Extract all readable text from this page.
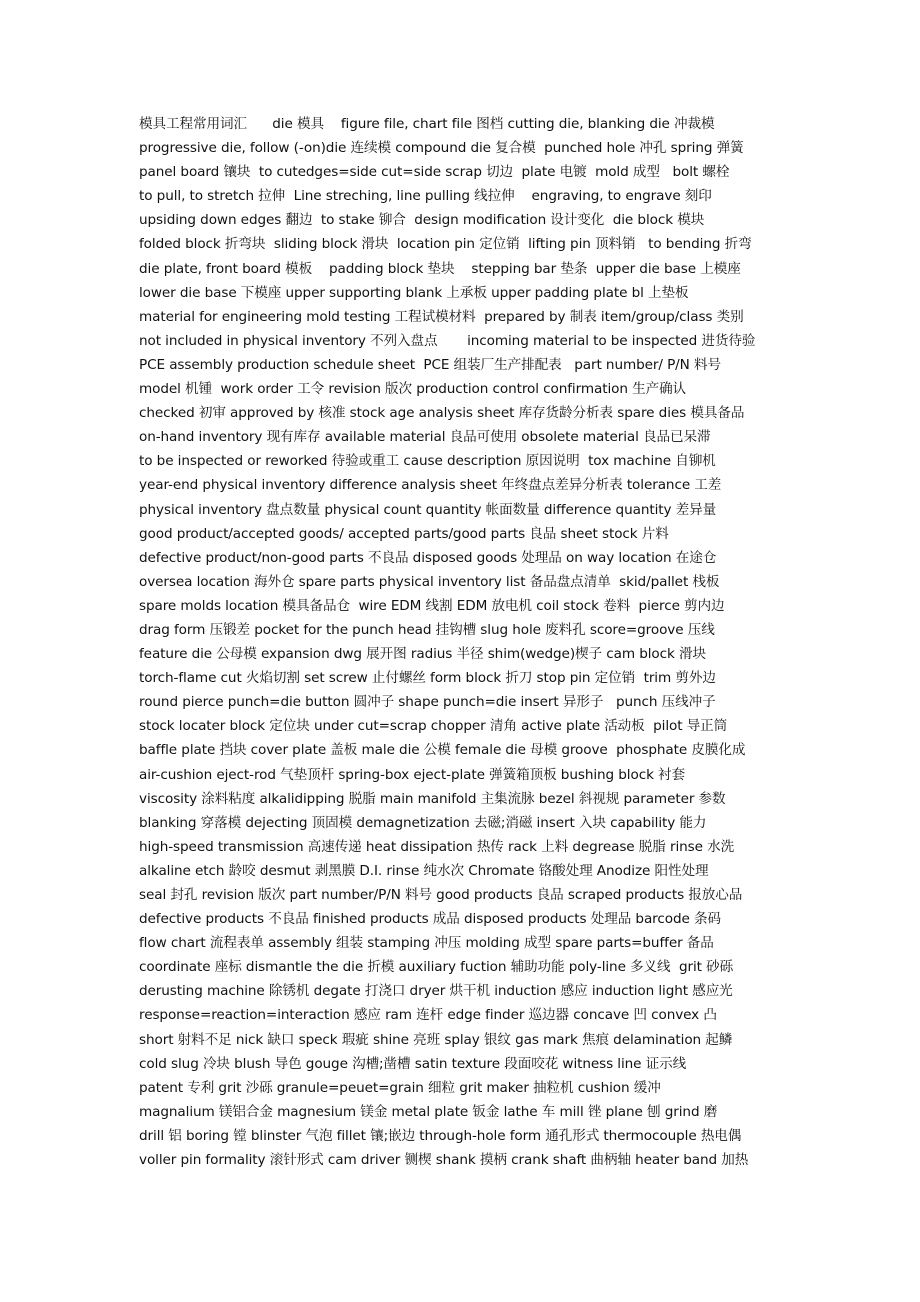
模具工程常用词汇      die 模具    figure file, chart file 图档 cutting die, blanking die 冲裁模
progressive die, follow (-on)die 连续模 compound die 复合模  punched hole 冲孔 spring 弹簧
panel board 镶块  to cutedges=side cut=side scrap 切边  plate 电镀  mold 成型   bolt 螺栓
to pull, to stretch 拉伸  Line streching, line pulling 线拉伸    engraving, to engrave 刻印
upsiding down edges 翻边  to stake 铆合  design modification 设计变化  die block 模块
folded block 折弯块  sliding block 滑块  location pin 定位销  lifting pin 顶料销   to bending 折弯
die plate, front board 模板    padding block 垫块    stepping bar 垫条  upper die base 上模座
lower die base 下模座 upper supporting blank 上承板 upper padding plate bl 上垫板
material for engineering mold testing 工程试模材料  prepared by 制表 item/group/class 类别
not included in physical inventory 不列入盘点       incoming material to be inspected 进货待验
PCE assembly production schedule sheet  PCE 组装厂生产排配表   part number/ P/N 料号
model 机锺  work order 工令 revision 版次 production control confirmation 生产确认
checked 初审 approved by 核准 stock age analysis sheet 库存货龄分析表 spare dies 模具备品
on-hand inventory 现有库存 available material 良品可使用 obsolete material 良品已呆滞
to be inspected or reworked 待验或重工 cause description 原因说明  tox machine 自铆机
year-end physical inventory difference analysis sheet 年终盘点差异分析表 tolerance 工差
physical inventory 盘点数量 physical count quantity 帐面数量 difference quantity 差异量
good product/accepted goods/ accepted parts/good parts 良品 sheet stock 片料
defective product/non-good parts 不良品 disposed goods 处理品 on way location 在途仓
oversea location 海外仓 spare parts physical inventory list 备品盘点清单  skid/pallet 栈板
spare molds location 模具备品仓  wire EDM 线割 EDM 放电机 coil stock 卷料  pierce 剪内边
drag form 压锻差 pocket for the punch head 挂钩槽 slug hole 废料孔 score=groove 压线
feature die 公母模 expansion dwg 展开图 radius 半径 shim(wedge)楔子 cam block 滑块
torch-flame cut 火焰切割 set screw 止付螺丝 form block 折刀 stop pin 定位销  trim 剪外边
round pierce punch=die button 圆冲子 shape punch=die insert 异形子   punch 压线冲子
stock locater block 定位块 under cut=scrap chopper 清角 active plate 活动板  pilot 导正筒
baffle plate 挡块 cover plate 盖板 male die 公模 female die 母模 groove  phosphate 皮膜化成
air-cushion eject-rod 气垫顶杆 spring-box eject-plate 弹簧箱顶板 bushing block 衬套
viscosity 涂料粘度 alkalidipping 脱脂 main manifold 主集流脉 bezel 斜视规 parameter 参数
blanking 穿落模 dejecting 顶固模 demagnetization 去磁;消磁 insert 入块 capability 能力
high-speed transmission 高速传递 heat dissipation 热传 rack 上料 degrease 脱脂 rinse 水洗
alkaline etch 龄咬 desmut 剥黑膜 D.I. rinse 纯水次 Chromate 铬酸处理 Anodize 阳性处理
seal 封孔 revision 版次 part number/P/N 料号 good products 良品 scraped products 报放心品
defective products 不良品 finished products 成品 disposed products 处理品 barcode 条码
flow chart 流程表单 assembly 组装 stamping 冲压 molding 成型 spare parts=buffer 备品
coordinate 座标 dismantle the die 折模 auxiliary fuction 辅助功能 poly-line 多义线  grit 砂砾
derusting machine 除锈机 degate 打浇口 dryer 烘干机 induction 感应 induction light 感应光
response=reaction=interaction 感应 ram 连杆 edge finder 巡边器 concave 凹 convex 凸
short 射料不足 nick 缺口 speck 瑕疵 shine 亮班 splay 银纹 gas mark 焦痕 delamination 起鳞
cold slug 冷块 blush 导色 gouge 沟槽;凿槽 satin texture 段面咬花 witness line 证示线
patent 专利 grit 沙砾 granule=peuet=grain 细粒 grit maker 抽粒机 cushion 缓冲
magnalium 镁铝合金 magnesium 镁金 metal plate 钣金 lathe 车 mill 锉 plane 刨 grind 磨
drill 铝 boring 镗 blinster 气泡 fillet 镶;嵌边 through-hole form 通孔形式 thermocouple 热电偶
voller pin formality 滚针形式 cam driver 铡楔 shank 摸柄 crank shaft 曲柄轴 heater band 加热
